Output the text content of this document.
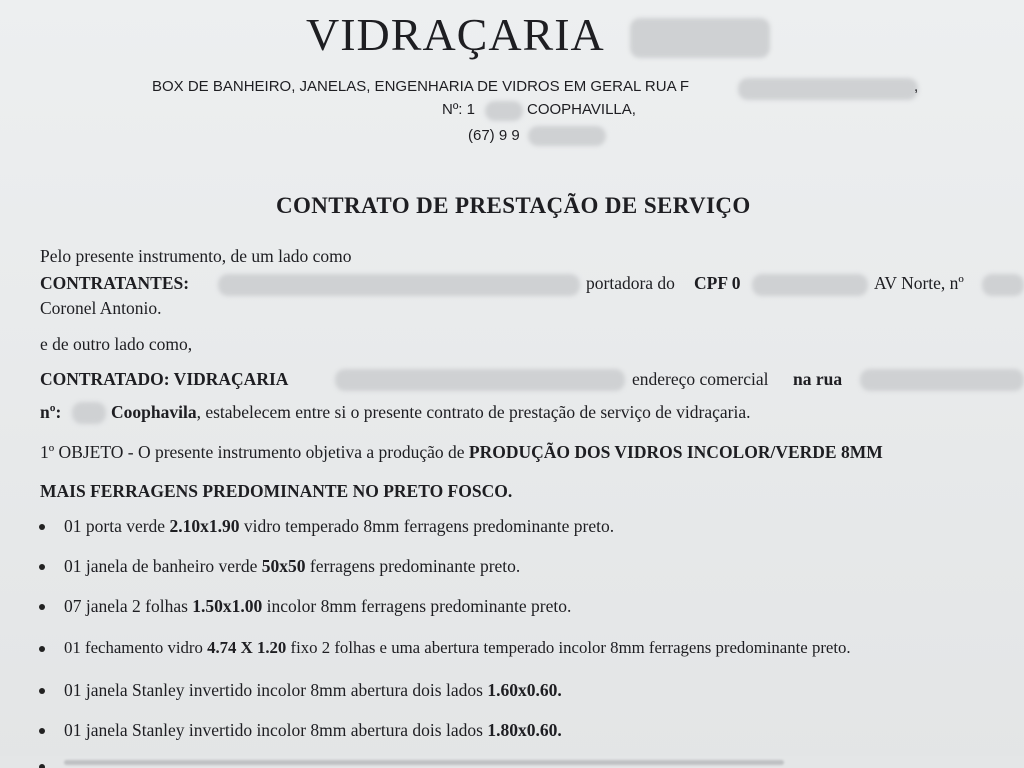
VIDRAÇARIA
BOX DE BANHEIRO, JANELAS, ENGENHARIA DE VIDROS EM GERAL RUA F	,
Nº: 1	COOPHAVILLA,
(67) 9 9
CONTRATO DE PRESTAÇÃO DE SERVIÇO
Pelo presente instrumento, de um lado como
CONTRATANTES:	portadora do CPF 0	AV Norte, nº
Coronel Antonio.
e de outro lado como,
CONTRATADO: VIDRAÇARIA	endereço comercial na rua
nº:	Coophavila, estabelecem entre si o presente contrato de prestação de serviço de vidraçaria.
1º OBJETO - O presente instrumento objetiva a produção de PRODUÇÃO DOS VIDROS INCOLOR/VERDE 8MM
MAIS FERRAGENS PREDOMINANTE NO PRETO FOSCO.
01 porta verde 2.10x1.90 vidro temperado 8mm ferragens predominante preto.
01 janela de banheiro verde 50x50 ferragens predominante preto.
07 janela 2 folhas 1.50x1.00 incolor 8mm ferragens predominante preto.
01 fechamento vidro 4.74 X 1.20 fixo 2 folhas e uma abertura temperado incolor 8mm ferragens predominante preto.
01 janela Stanley invertido incolor 8mm abertura dois lados 1.60x0.60.
01 janela Stanley invertido incolor 8mm abertura dois lados 1.80x0.60.
